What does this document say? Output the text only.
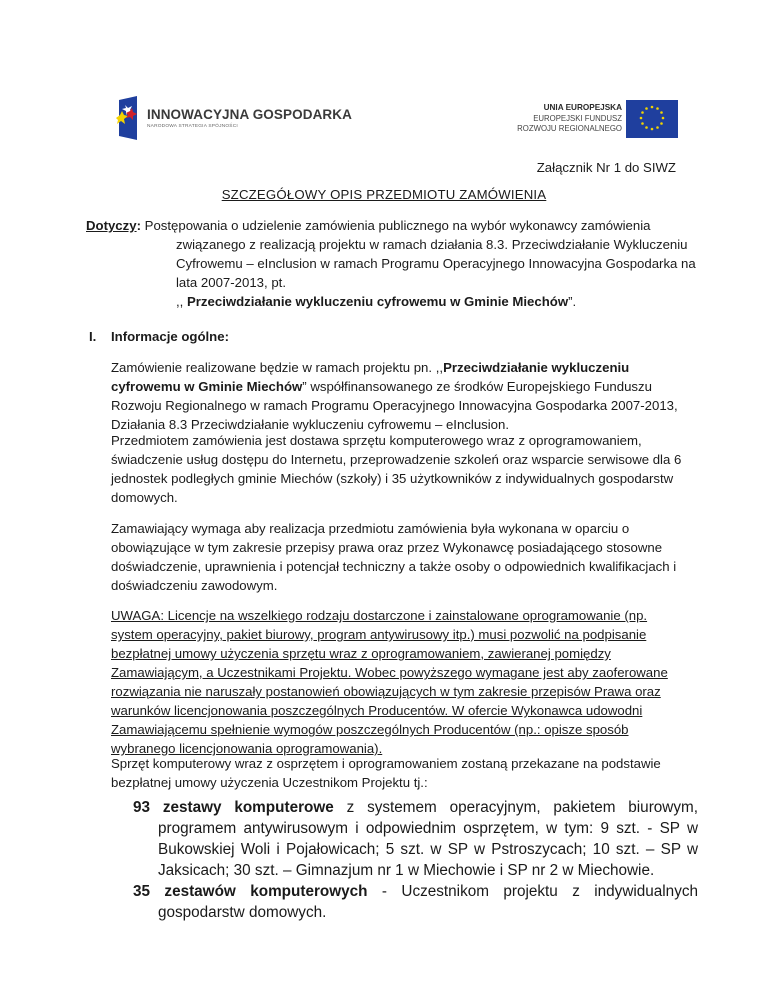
INNOWACYJNA GOSPODARKA
NARODOWA STRATEGIA SPÓJNOŚCI
UNIA EUROPEJSKA
EUROPEJSKI FUNDUSZ
ROZWOJU REGIONALNEGO
Załącznik Nr 1 do SIWZ
SZCZEGÓŁOWY OPIS PRZEDMIOTU ZAMÓWIENIA
Dotyczy: Postępowania o udzielenie zamówienia publicznego na wybór wykonawcy zamówienia
związanego z realizacją projektu w ramach działania 8.3. Przeciwdziałanie Wykluczeniu
Cyfrowemu – eInclusion w ramach Programu Operacyjnego Innowacyjna Gospodarka na
lata 2007-2013, pt.
,, Przeciwdziałanie wykluczeniu cyfrowemu w Gminie Miechów”.
I. Informacje ogólne:
Zamówienie realizowane będzie w ramach projektu pn. ,,Przeciwdziałanie wykluczeniu
cyfrowemu w Gminie Miechów” współfinansowanego ze środków Europejskiego Funduszu
Rozwoju Regionalnego w ramach Programu Operacyjnego Innowacyjna Gospodarka 2007-2013,
Działania 8.3 Przeciwdziałanie wykluczeniu cyfrowemu – eInclusion.
Przedmiotem zamówienia jest dostawa sprzętu komputerowego wraz z oprogramowaniem,
świadczenie usług dostępu do Internetu, przeprowadzenie szkoleń oraz wsparcie serwisowe dla 6
jednostek podległych gminie Miechów (szkoły) i 35 użytkowników z indywidualnych gospodarstw
domowych.
Zamawiający wymaga aby realizacja przedmiotu zamówienia była wykonana w oparciu o
obowiązujące w tym zakresie przepisy prawa oraz przez Wykonawcę posiadającego stosowne
doświadczenie, uprawnienia i potencjał techniczny a także osoby o odpowiednich kwalifikacjach i
doświadczeniu zawodowym.
UWAGA: Licencje na wszelkiego rodzaju dostarczone i zainstalowane oprogramowanie (np.
system operacyjny, pakiet biurowy, program antywirusowy itp.) musi pozwolić na podpisanie
bezpłatnej umowy użyczenia sprzętu wraz z oprogramowaniem, zawieranej pomiędzy
Zamawiającym, a Uczestnikami Projektu. Wobec powyższego wymagane jest aby zaoferowane
rozwiązania nie naruszały postanowień obowiązujących w tym zakresie przepisów Prawa oraz
warunków licencjonowania poszczególnych Producentów. W ofercie Wykonawca udowodni
Zamawiającemu spełnienie wymogów poszczególnych Producentów (np.: opisze sposób
wybranego licencjonowania oprogramowania).
Sprzęt komputerowy wraz z osprzętem i oprogramowaniem zostaną przekazane na podstawie
bezpłatnej umowy użyczenia Uczestnikom Projektu tj.:
93 zestawy komputerowe z systemem operacyjnym, pakietem biurowym, programem antywirusowym i odpowiednim osprzętem, w tym: 9 szt. - SP w Bukowskiej Woli i Pojałowicach; 5 szt. w SP w Pstroszycach; 10 szt. – SP w Jaksicach; 30 szt. – Gimnazjum nr 1 w Miechowie i SP nr 2 w Miechowie.
35 zestawów komputerowych - Uczestnikom projektu z indywidualnych gospodarstw domowych.
